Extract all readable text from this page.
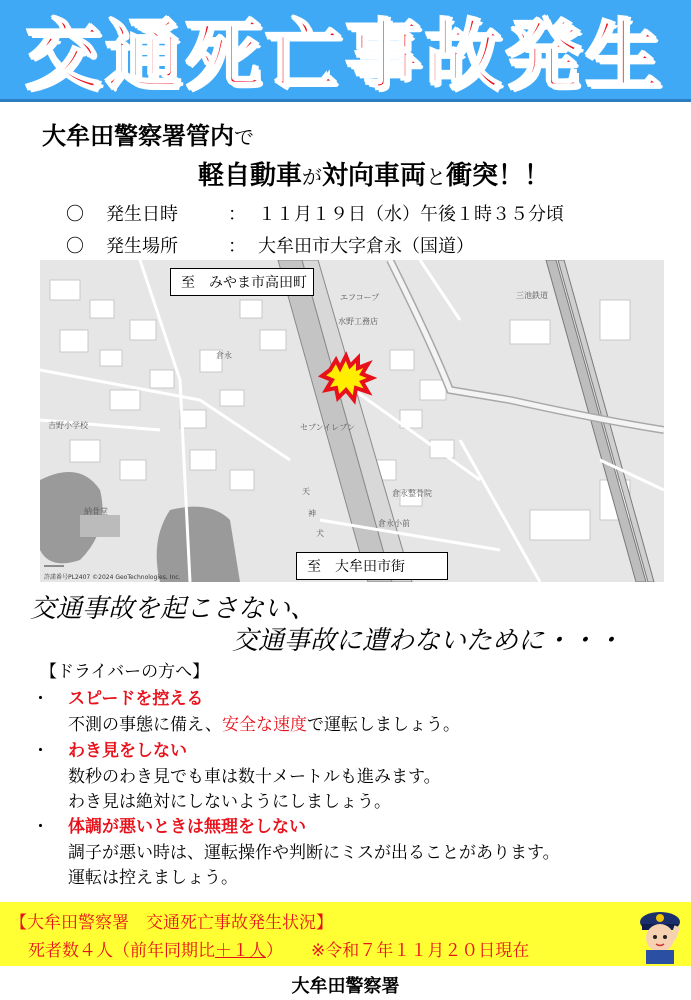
交通死亡事故発生
大牟田警察署管内で
軽自動車が対向車両と衝突！！
〇	発生日時	： １１月１９日（水）午後１時３５分頃
〇	発生場所	： 大牟田市大字倉永（国道）
至　みやま市高田町
至　大牟田市街
エフコープ
水野工務店
セブンイレブン
倉永
倉永整骨院
三池鉄道
倉永小前
吉野小学校
納骨堂
天
神
犬
許諾番号PL2407 ©2024 GeoTechnologies, Inc.
交通事故を起こさない、
交通事故に遭わないために・・・
【ドライバーの方へ】
・ スピードを控える
不測の事態に備え、安全な速度で運転しましょう。
・ わき見をしない
数秒のわき見でも車は数十メートルも進みます。
わき見は絶対にしないようにしましょう。
・ 体調が悪いときは無理をしない
調子が悪い時は、運転操作や判断にミスが出ることがあります。
運転は控えましょう。
【大牟田警察署　交通死亡事故発生状況】
死者数４人（前年同期比＋１人） ※令和７年１１月２０日現在
大牟田警察署
